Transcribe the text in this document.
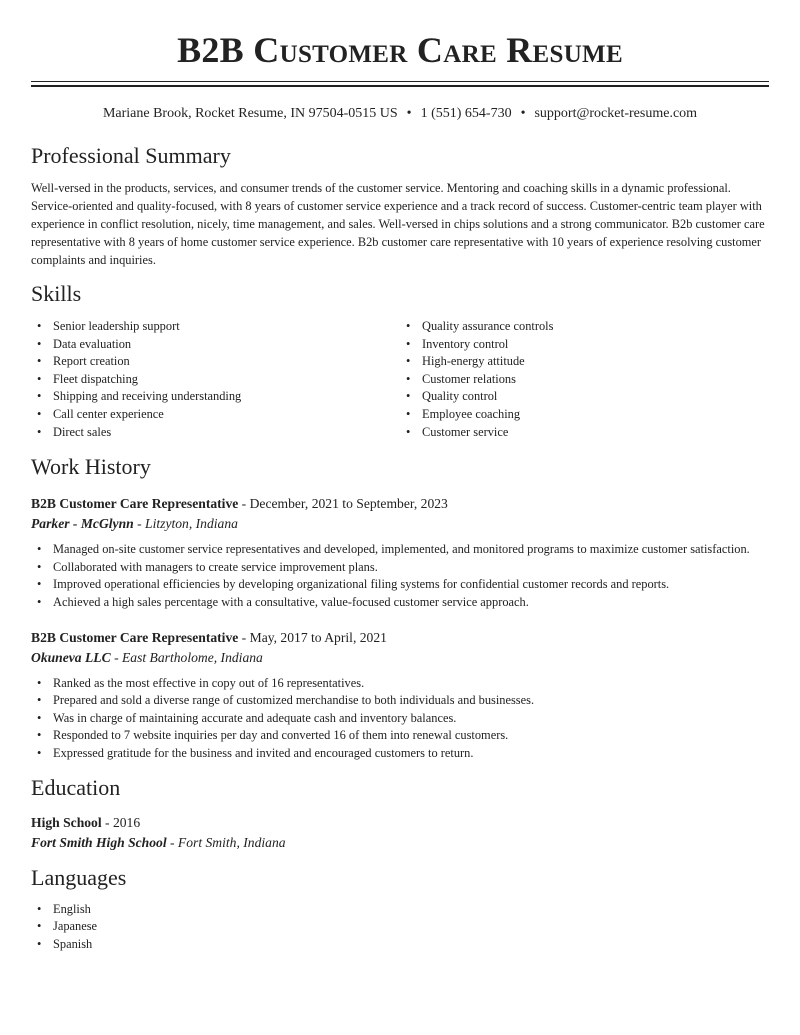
B2B Customer Care Resume
Mariane Brook, Rocket Resume, IN 97504-0515 US • 1 (551) 654-730 • support@rocket-resume.com
Professional Summary

Well-versed in the products, services, and consumer trends of the customer service. Mentoring and coaching skills in a dynamic professional. Service-oriented and quality-focused, with 8 years of customer service experience and a track record of success. Customer-centric team player with experience in conflict resolution, nicely, time management, and sales. Well-versed in chips solutions and a strong communicator. B2b customer care representative with 8 years of home customer service experience. B2b customer care representative with 10 years of experience resolving customer complaints and inquiries.

Skills
• Senior leadership support
• Data evaluation
• Report creation
• Fleet dispatching
• Shipping and receiving understanding
• Call center experience
• Direct sales
• Quality assurance controls
• Inventory control
• High-energy attitude
• Customer relations
• Quality control
• Employee coaching
• Customer service
Work History
B2B Customer Care Representative - December, 2021 to September, 2023
Parker - McGlynn - Litzyton, Indiana
• Managed on-site customer service representatives and developed, implemented, and monitored programs to maximize customer satisfaction.
• Collaborated with managers to create service improvement plans.
• Improved operational efficiencies by developing organizational filing systems for confidential customer records and reports.
• Achieved a high sales percentage with a consultative, value-focused customer service approach.
B2B Customer Care Representative - May, 2017 to April, 2021
Okuneva LLC - East Bartholome, Indiana
• Ranked as the most effective in copy out of 16 representatives.
• Prepared and sold a diverse range of customized merchandise to both individuals and businesses.
• Was in charge of maintaining accurate and adequate cash and inventory balances.
• Responded to 7 website inquiries per day and converted 16 of them into renewal customers.
• Expressed gratitude for the business and invited and encouraged customers to return.
Education
High School - 2016
Fort Smith High School - Fort Smith, Indiana
Languages
• English
• Japanese
• Spanish
